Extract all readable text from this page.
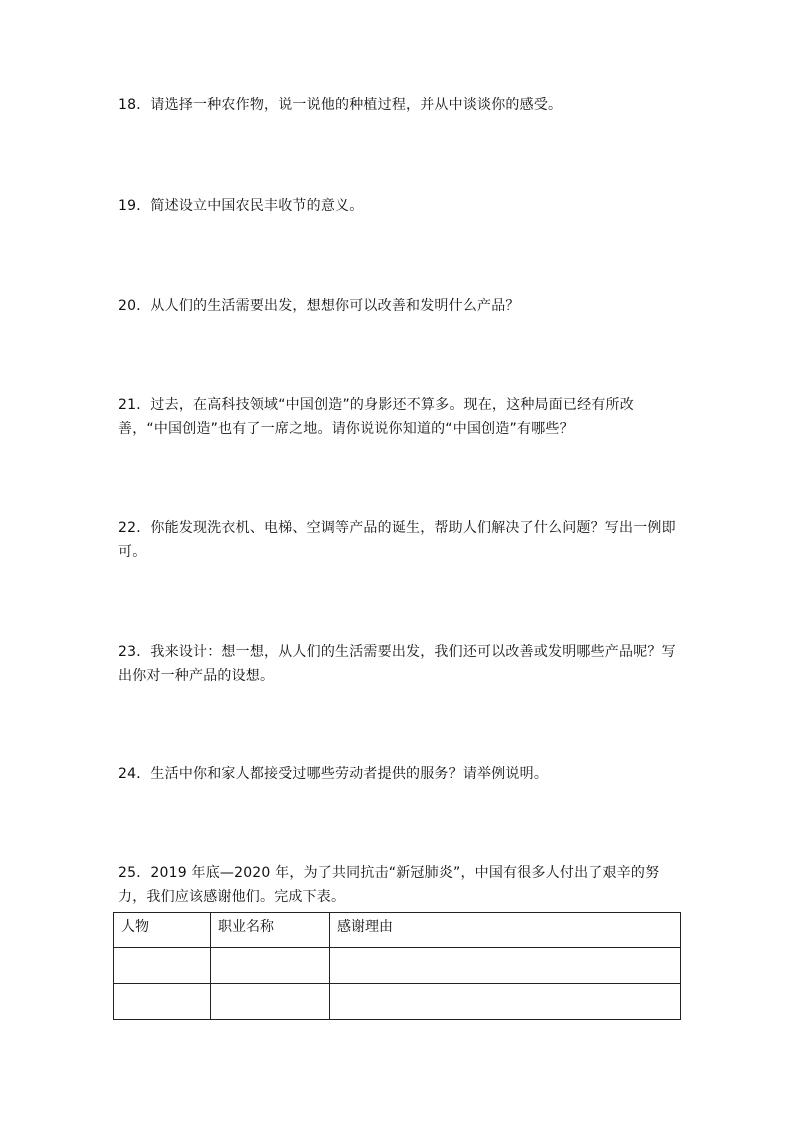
18．请选择一种农作物，说一说他的种植过程，并从中谈谈你的感受。

19．简述设立中国农民丰收节的意义。

20．从人们的生活需要出发，想想你可以改善和发明什么产品？

21．过去，在高科技领域“中国创造”的身影还不算多。现在，这种局面已经有所改善，“中国创造”也有了一席之地。请你说说你知道的“中国创造”有哪些？

22．你能发现洗衣机、电梯、空调等产品的诞生，帮助人们解决了什么问题？写出一例即可。

23．我来设计：想一想，从人们的生活需要出发，我们还可以改善或发明哪些产品呢？写出你对一种产品的设想。

24．生活中你和家人都接受过哪些劳动者提供的服务？请举例说明。

25．2019 年底—2020 年，为了共同抗击“新冠肺炎”，中国有很多人付出了艰辛的努力，我们应该感谢他们。完成下表。

人物	职业名称	感谢理由
